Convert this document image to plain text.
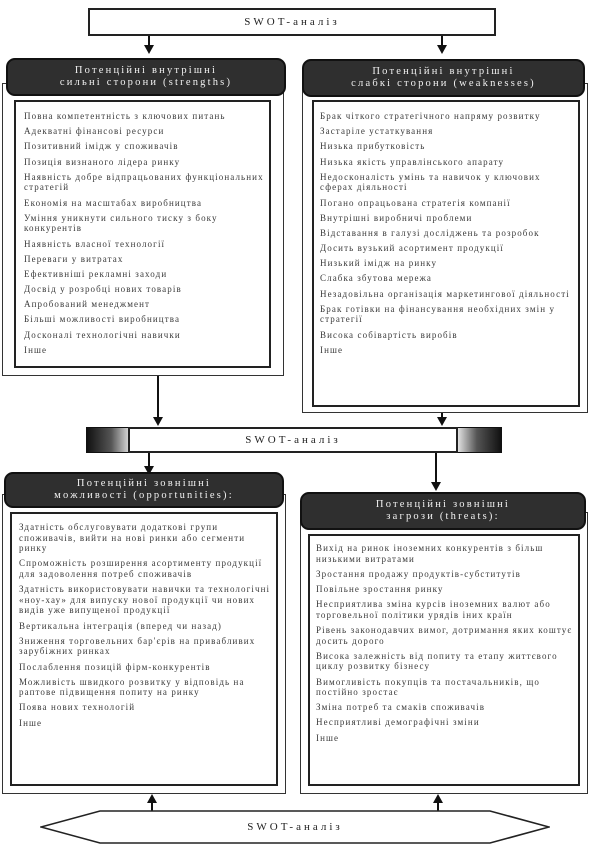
SWOT-аналіз
Потенційні внутрішні
сильні сторони (strengths)
Повна компетентність з ключових питань
Адекватні фінансові ресурси
Позитивний імідж у споживачів
Позиція визнаного лідера ринку
Наявність добре відпрацьованих функціональних стратегій
Економія на масштабах виробництва
Уміння уникнути сильного тиску з боку конкурентів
Наявність власної технології
Переваги у витратах
Ефективніші рекламні заходи
Досвід у розробці нових товарів
Апробований менеджмент
Більші можливості виробництва
Досконалі технологічні навички
Інше
Потенційні внутрішні
слабкі сторони (weaknesses)
Брак чіткого стратегічного напряму розвитку
Застаріле устаткування
Низька прибутковість
Низька якість управлінського апарату
Недосконалість умінь та навичок у ключових сферах діяльності
Погано опрацьована стратегія компанії
Внутрішні виробничі проблеми
Відставання в галузі досліджень та розробок
Досить вузький асортимент продукції
Низький імідж на ринку
Слабка збутова мережа
Незадовільна організація маркетингової діяльності
Брак готівки на фінансування необхідних змін у стратегії
Висока собівартість виробів
Інше
SWOT-аналіз
Потенційні зовнішні
можливості (opportunities):
Здатність обслуговувати додаткові групи споживачів, вийти на нові ринки або сегменти ринку
Спроможність розширення асортименту продукції для задоволення потреб споживачів
Здатність використовувати навички та технологічні «ноу-хау» для випуску нової продукції чи нових видів уже випущеної продукції
Вертикальна інтеграція (вперед чи назад)
Зниження торговельних бар'єрів на привабливих зарубіжних ринках
Послаблення позицій фірм-конкурентів
Можливість швидкого розвитку у відповідь на раптове підвищення попиту на ринку
Поява нових технологій
Інше
Потенційні зовнішні
загрози (threats):
Вихід на ринок іноземних конкурентів з більш низькими витратами
Зростання продажу продуктів-субститутів
Повільне зростання ринку
Несприятлива зміна курсів іноземних валют або торговельної політики урядів іних країн
Рівень законодавчих вимог, дотримання яких коштує досить дорого
Висока залежність від попиту та етапу життєвого циклу розвитку бізнесу
Вимогливість покупців та постачальників, що постійно зростає
Зміна потреб та смаків споживачів
Несприятливі демографічні зміни
Інше
SWOT-аналіз
